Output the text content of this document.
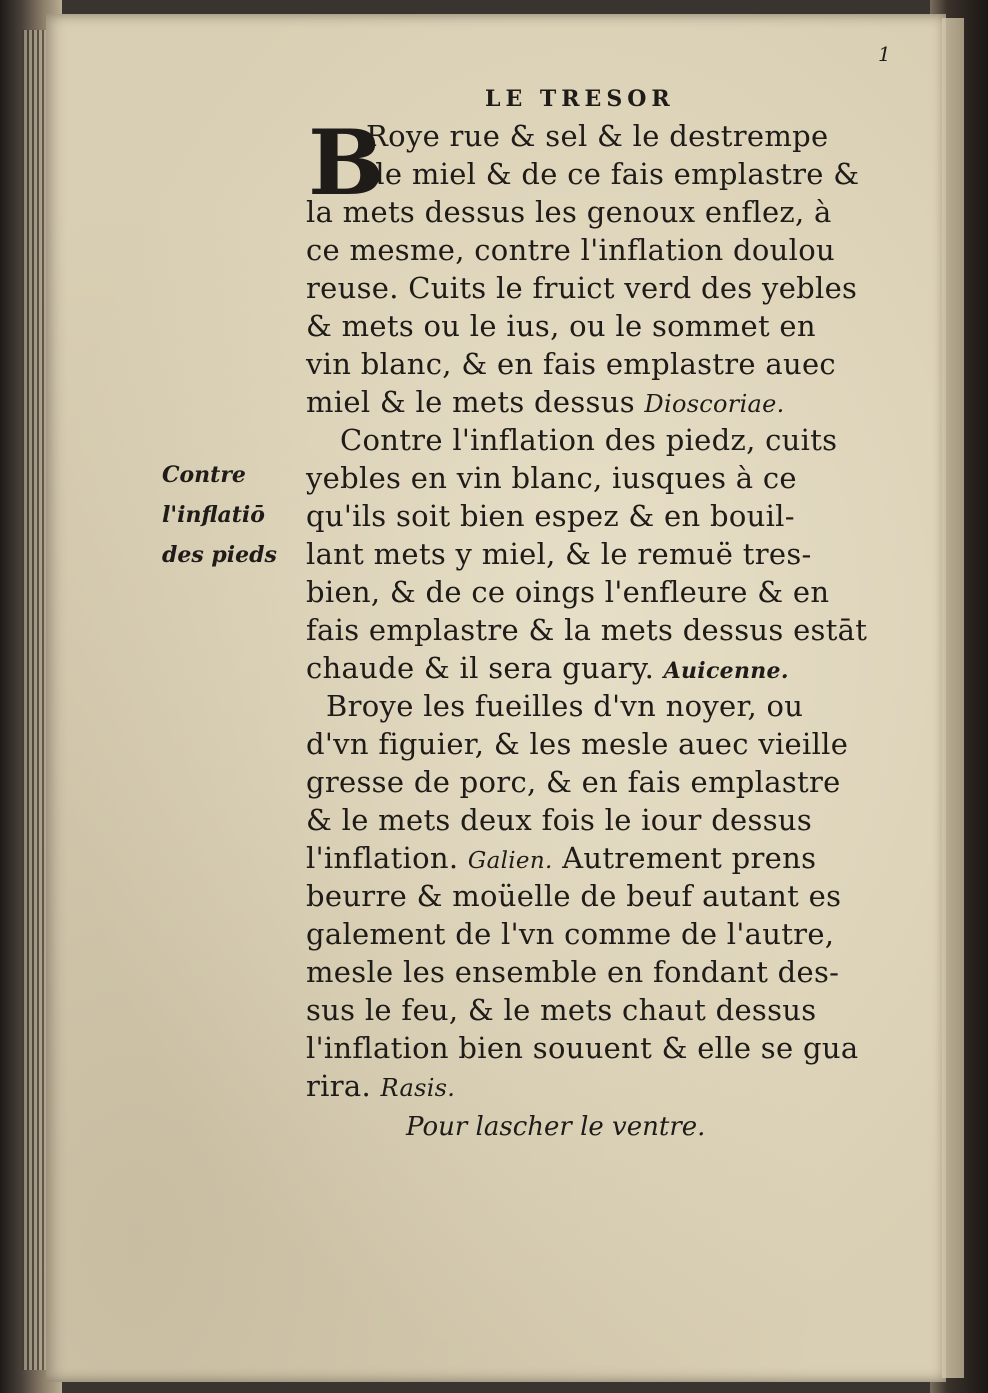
1
LE TRESOR
B
Roye rue & sel & le destrempe
de miel & de ce fais emplastre &
la mets dessus les genoux enflez, à
ce mesme, contre l'inflation doulou
reuse. Cuits le fruict verd des yebles
& mets ou le ius, ou le sommet en
vin blanc, & en fais emplastre auec
miel & le mets dessus Dioscoriae.
Contre l'inflation des piedz, cuits
yebles en vin blanc, iusques à ce
qu'ils soit bien espez & en bouil-
lant mets y miel, & le remuë tres-
bien, & de ce oings l'enfleure & en
fais emplastre & la mets dessus estāt
chaude & il sera guary. Auicenne.
Contre
l'inflatiō
des pieds
Broye les fueilles d'vn noyer, ou
d'vn figuier, & les mesle auec vieille
gresse de porc, & en fais emplastre
& le mets deux fois le iour dessus
l'inflation. Galien. Autrement prens
beurre & moüelle de beuf autant es
galement de l'vn comme de l'autre,
mesle les ensemble en fondant des-
sus le feu, & le mets chaut dessus
l'inflation bien souuent & elle se gua
rira. Rasis.
Pour lascher le ventre.
